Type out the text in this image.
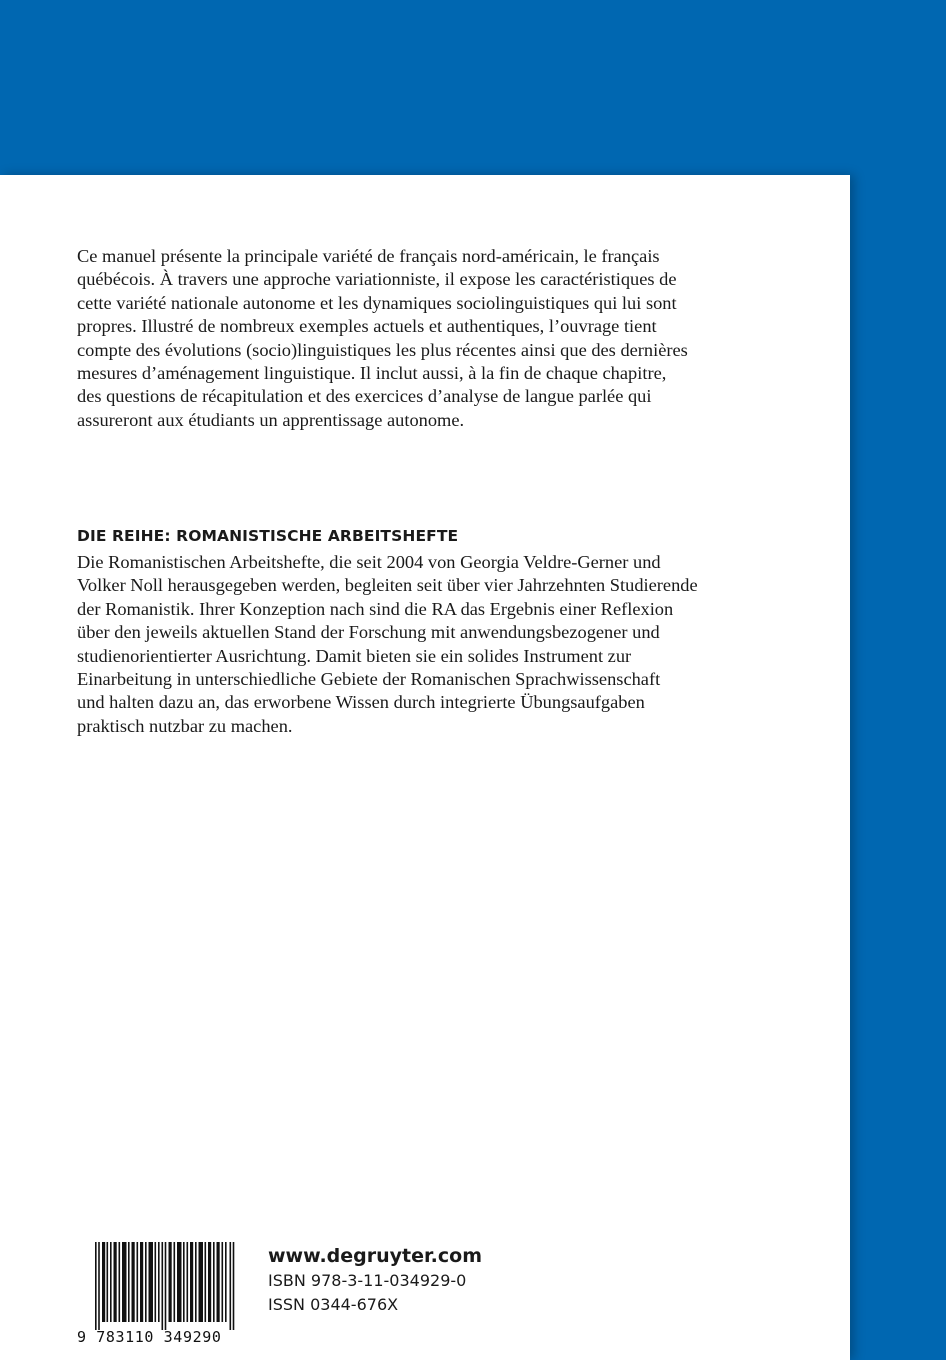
Ce manuel présente la principale variété de français nord-américain, le français
québécois. À travers une approche variationniste, il expose les caractéristiques de
cette variété nationale autonome et les dynamiques sociolinguistiques qui lui sont
propres. Illustré de nombreux exemples actuels et authentiques, l’ouvrage tient
compte des évolutions (socio)linguistiques les plus récentes ainsi que des dernières
mesures d’aménagement linguistique. Il inclut aussi, à la fin de chaque chapitre,
des questions de récapitulation et des exercices d’analyse de langue parlée qui
assureront aux étudiants un apprentissage autonome.

DIE REIHE: ROMANISTISCHE ARBEITSHEFTE

Die Romanistischen Arbeitshefte, die seit 2004 von Georgia Veldre-Gerner und
Volker Noll herausgegeben werden, begleiten seit über vier Jahrzehnten Studierende
der Romanistik. Ihrer Konzeption nach sind die RA das Ergebnis einer Reflexion
über den jeweils aktuellen Stand der Forschung mit anwendungsbezogener und
studienorientierter Ausrichtung. Damit bieten sie ein solides Instrument zur
Einarbeitung in unterschiedliche Gebiete der Romanischen Sprachwissenschaft
und halten dazu an, das erworbene Wissen durch integrierte Übungsaufgaben
praktisch nutzbar zu machen.

9 783110 349290
www.degruyter.com
ISBN 978-3-11-034929-0
ISSN 0344-676X
